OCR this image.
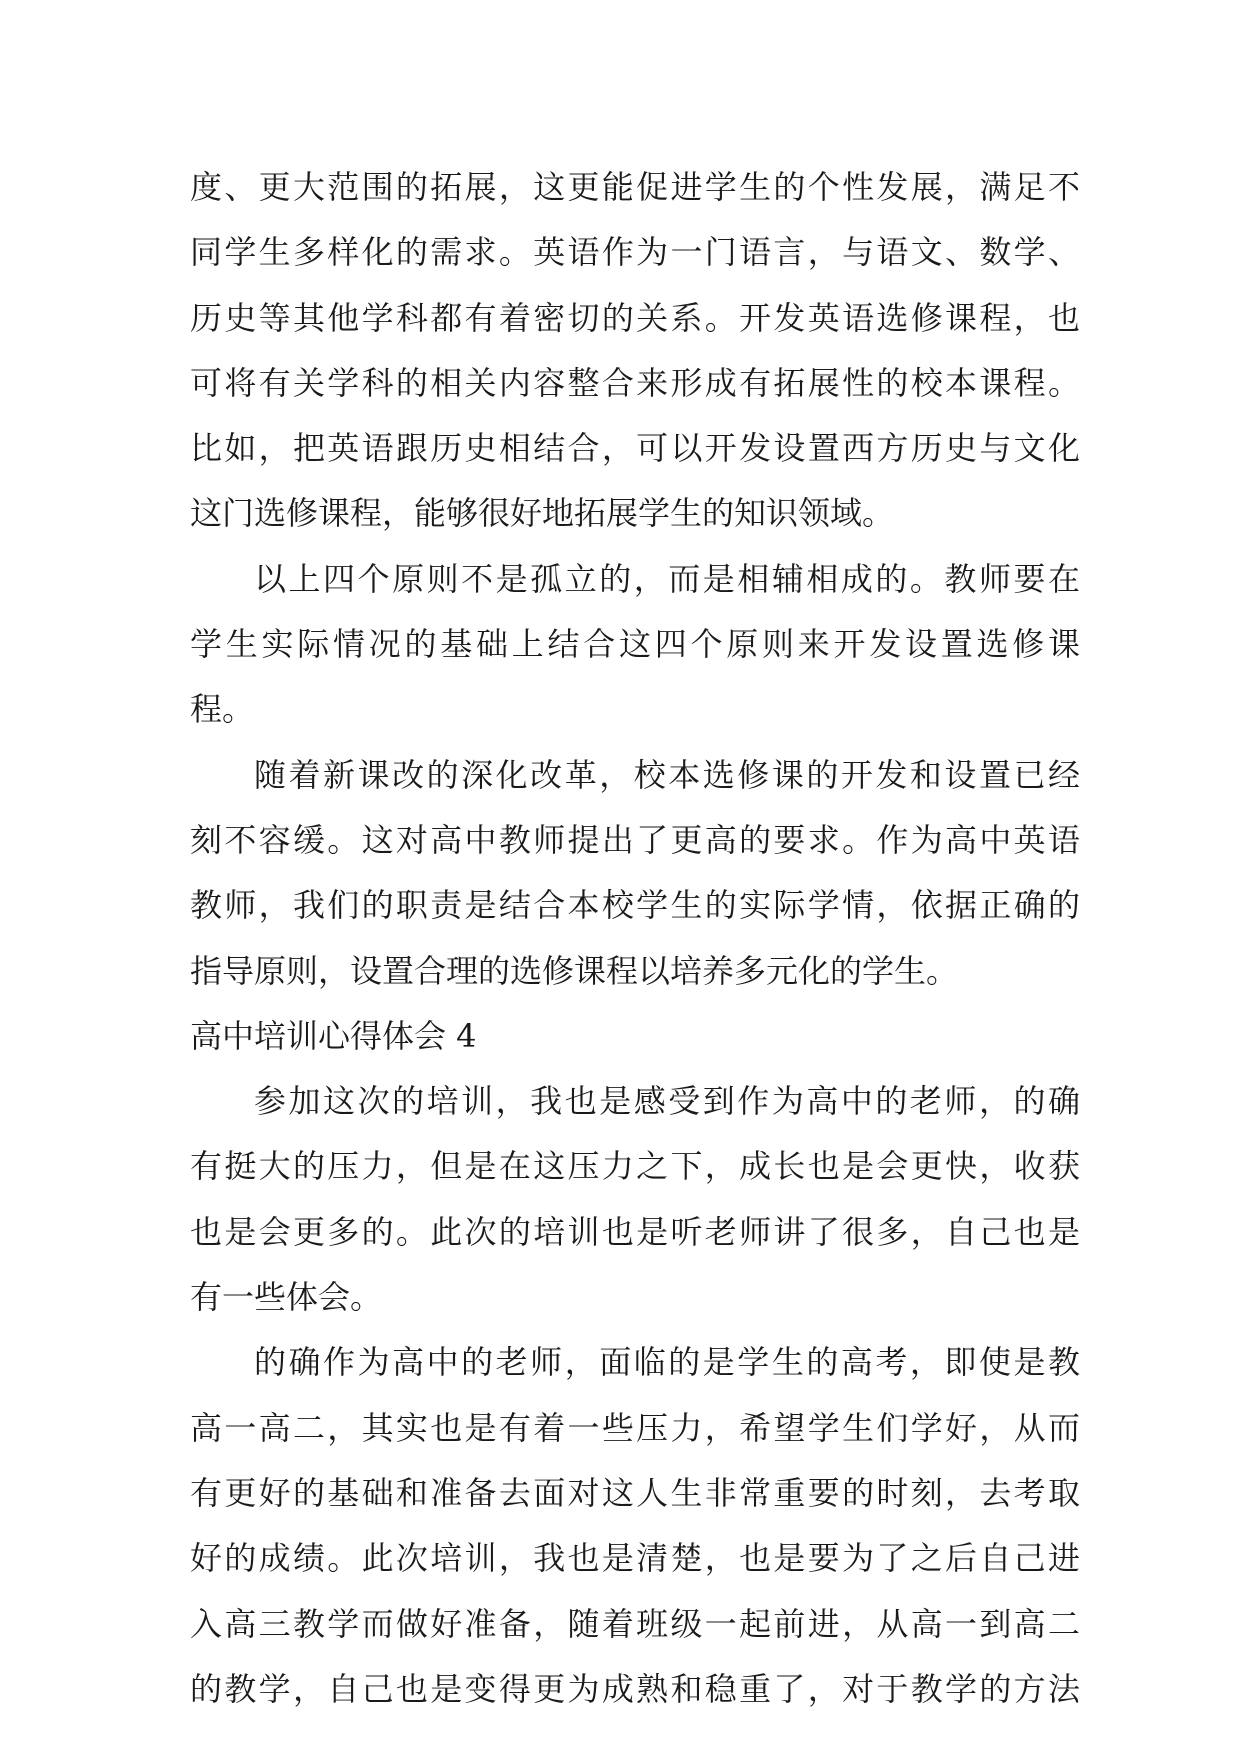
度、更大范围的拓展，这更能促进学生的个性发展，满足不
同学生多样化的需求。英语作为一门语言，与语文、数学、
历史等其他学科都有着密切的关系。开发英语选修课程，也
可将有关学科的相关内容整合来形成有拓展性的校本课程。
比如，把英语跟历史相结合，可以开发设置西方历史与文化
这门选修课程，能够很好地拓展学生的知识领域。
以上四个原则不是孤立的，而是相辅相成的。教师要在
学生实际情况的基础上结合这四个原则来开发设置选修课
程。
随着新课改的深化改革，校本选修课的开发和设置已经
刻不容缓。这对高中教师提出了更高的要求。作为高中英语
教师，我们的职责是结合本校学生的实际学情，依据正确的
指导原则，设置合理的选修课程以培养多元化的学生。
高中培训心得体会 4
参加这次的培训，我也是感受到作为高中的老师，的确
有挺大的压力，但是在这压力之下，成长也是会更快，收获
也是会更多的。此次的培训也是听老师讲了很多，自己也是
有一些体会。
的确作为高中的老师，面临的是学生的高考，即使是教
高一高二，其实也是有着一些压力，希望学生们学好，从而
有更好的基础和准备去面对这人生非常重要的时刻，去考取
好的成绩。此次培训，我也是清楚，也是要为了之后自己进
入高三教学而做好准备，随着班级一起前进，从高一到高二
的教学，自己也是变得更为成熟和稳重了，对于教学的方法
